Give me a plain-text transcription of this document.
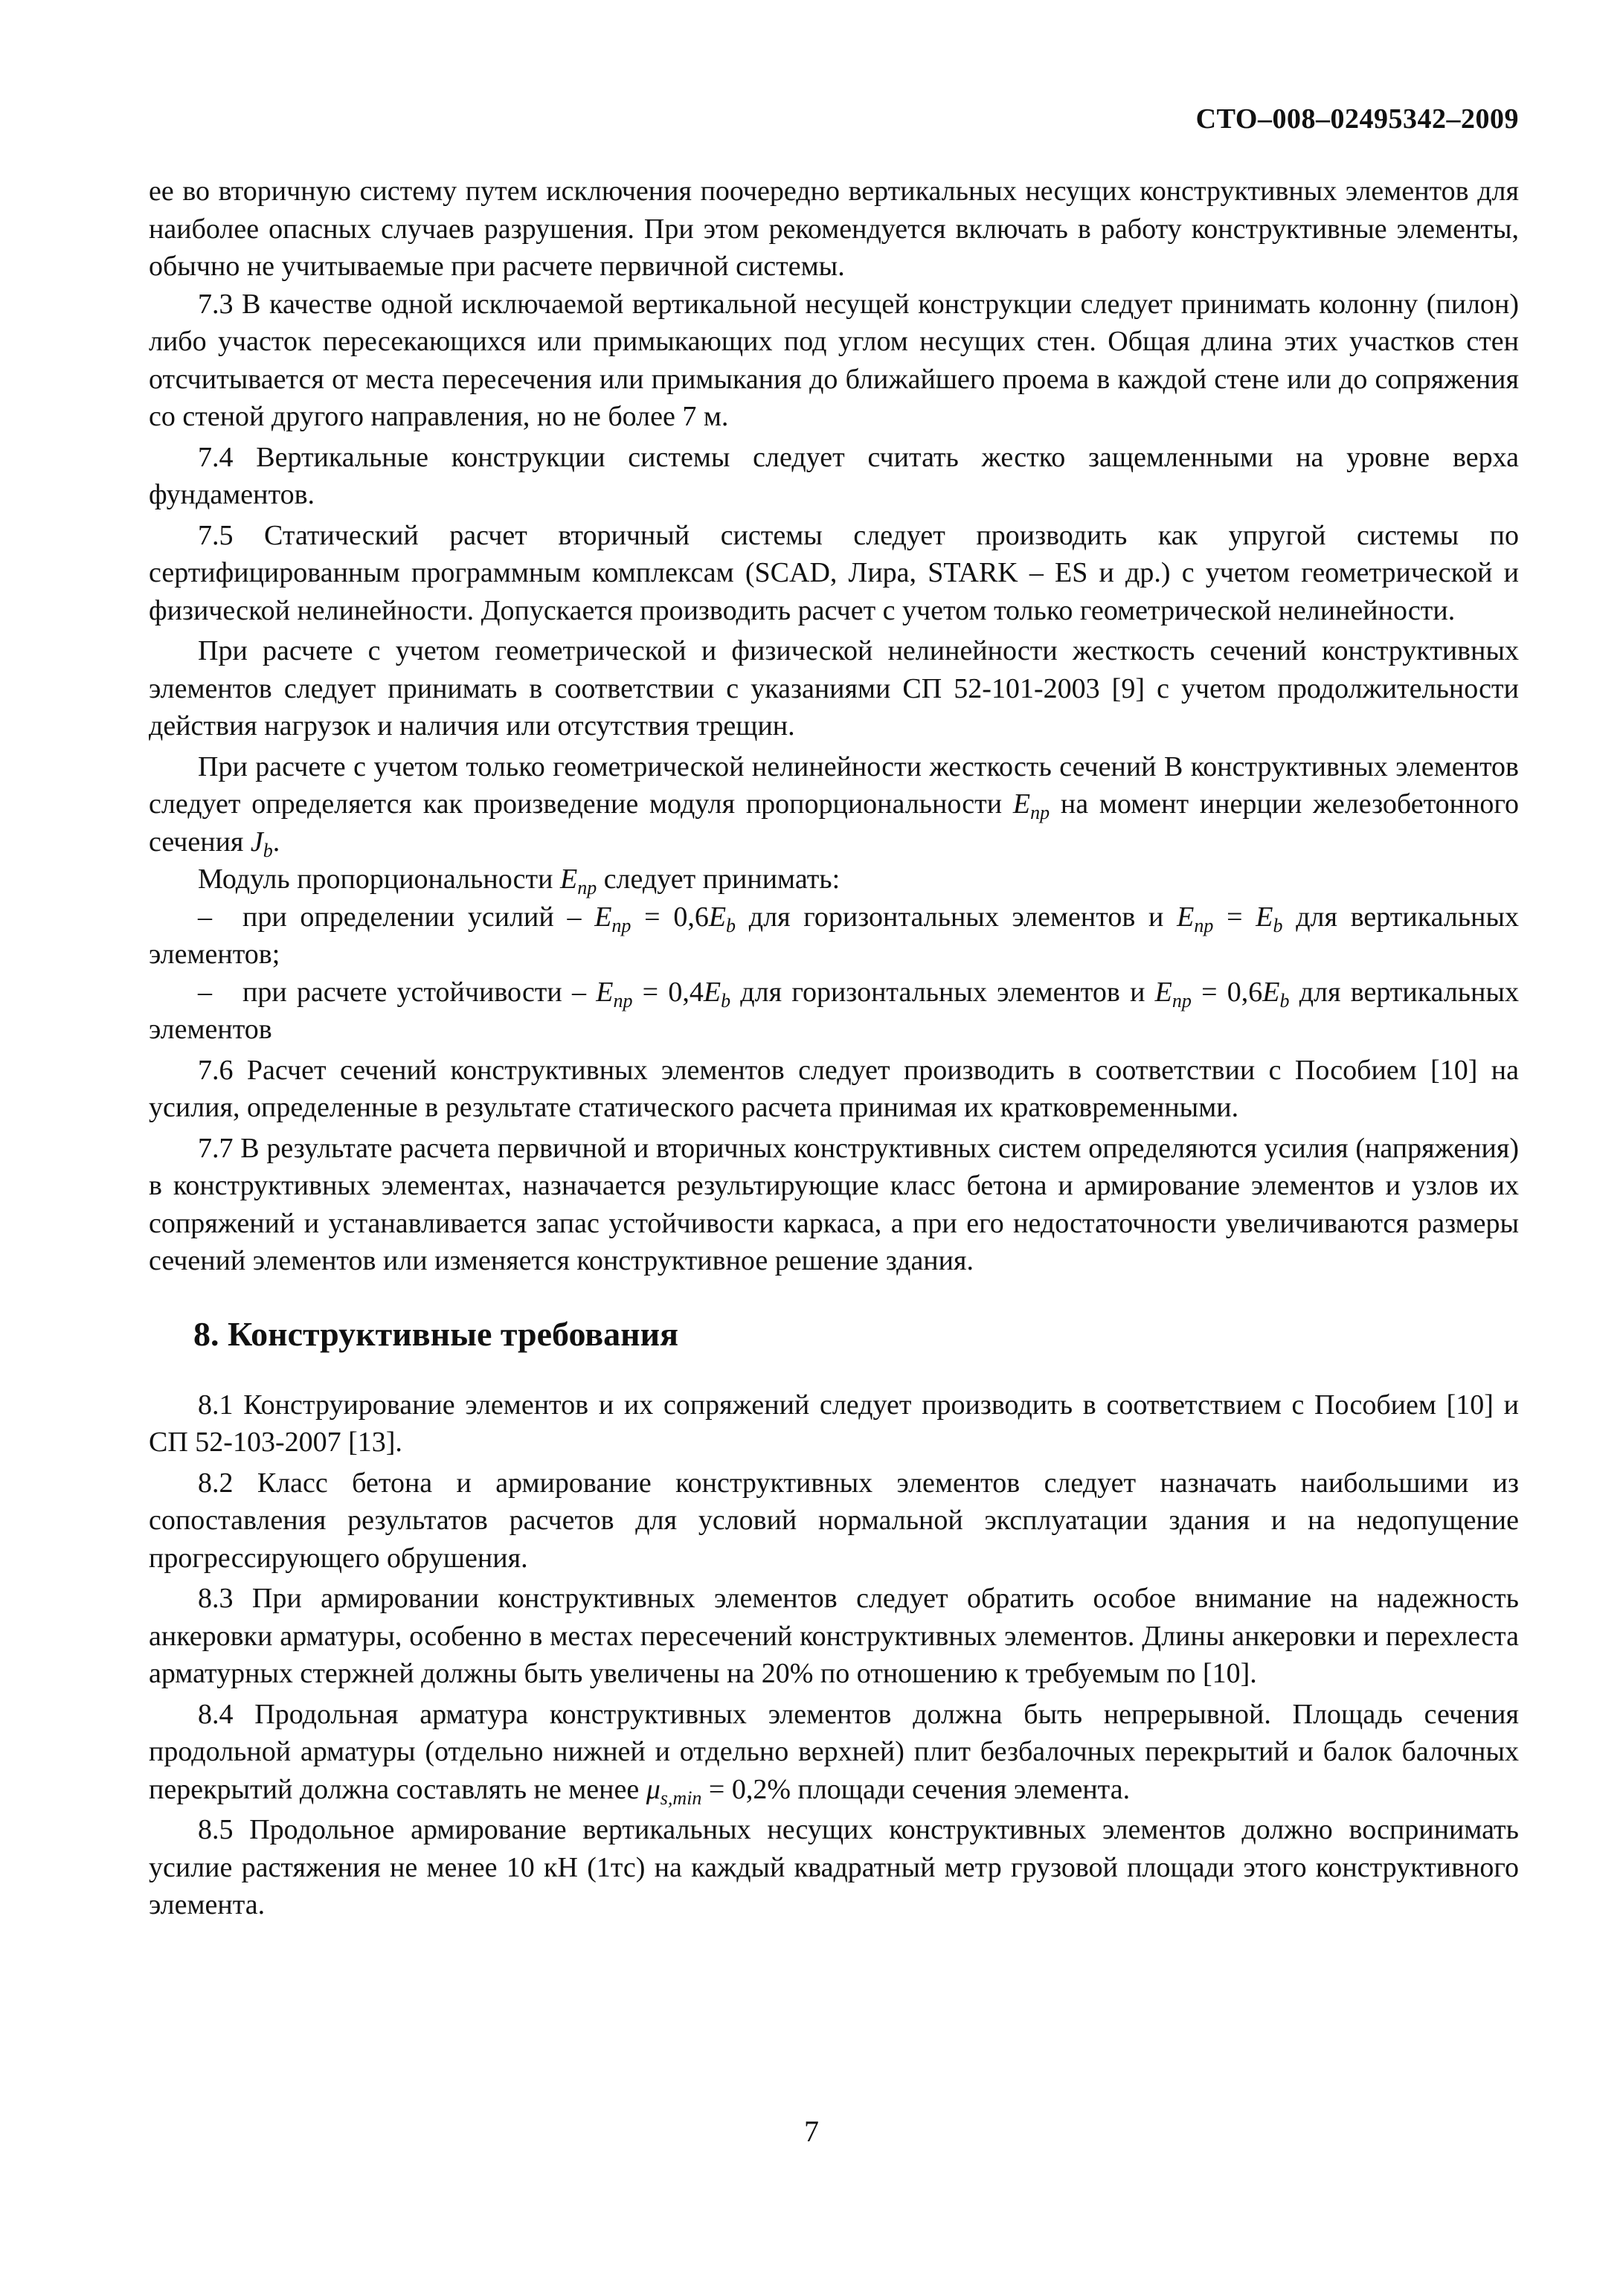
СТО–008–02495342–2009

ее во вторичную систему путем исключения поочередно вертикальных несущих конструктивных элементов для наиболее опасных случаев разрушения. При этом рекомендуется включать в работу конструктивные элементы, обычно не учитываемые при расчете первичной системы.

7.3 В качестве одной исключаемой вертикальной несущей конструкции следует принимать колонну (пилон) либо участок пересекающихся или примыкающих под углом несущих стен. Общая длина этих участков стен отсчитывается от места пересечения или примыкания до ближайшего проема в каждой стене или до сопряжения со стеной другого направления, но не более 7 м.

7.4 Вертикальные конструкции системы следует считать жестко защемленными на уровне верха фундаментов.

7.5 Статический расчет вторичный системы следует производить как упругой системы по сертифицированным программным комплексам (SCAD, Лира, STARK – ES и др.) с учетом геометрической и физической нелинейности. Допускается производить расчет с учетом только геометрической нелинейности.

При расчете с учетом геометрической и физической нелинейности жесткость сечений конструктивных элементов следует принимать в соответствии с указаниями СП 52-101-2003 [9] с учетом продолжительности действия нагрузок и наличия или отсутствия трещин.

При расчете с учетом только геометрической нелинейности жесткость сечений В конструктивных элементов следует определяется как произведение модуля пропорциональности $E_{пр}$ на момент инерции железобетонного сечения $J_b$.

Модуль пропорциональности $E_{пр}$ следует принимать:

– при определении усилий – $E_{пр} = 0,6E_b$ для горизонтальных элементов и $E_{пр} = E_b$ для вертикальных элементов;

– при расчете устойчивости – $E_{пр} = 0,4E_b$ для горизонтальных элементов и $E_{пр} = 0,6E_b$ для вертикальных элементов

7.6 Расчет сечений конструктивных элементов следует производить в соответствии с Пособием [10] на усилия, определенные в результате статического расчета принимая их кратковременными.

7.7 В результате расчета первичной и вторичных конструктивных систем определяются усилия (напряжения) в конструктивных элементах, назначается результирующие класс бетона и армирование элементов и узлов их сопряжений и устанавливается запас устойчивости каркаса, а при его недостаточности увеличиваются размеры сечений элементов или изменяется конструктивное решение здания.

8. Конструктивные требования

8.1 Конструирование элементов и их сопряжений следует производить в соответствием с Пособием [10] и СП 52-103-2007 [13].

8.2 Класс бетона и армирование конструктивных элементов следует назначать наибольшими из сопоставления результатов расчетов для условий нормальной эксплуатации здания и на недопущение прогрессирующего обрушения.

8.3 При армировании конструктивных элементов следует обратить особое внимание на надежность анкеровки арматуры, особенно в местах пересечений конструктивных элементов. Длины анкеровки и перехлеста арматурных стержней должны быть увеличены на 20% по отношению к требуемым по [10].

8.4 Продольная арматура конструктивных элементов должна быть непрерывной. Площадь сечения продольной арматуры (отдельно нижней и отдельно верхней) плит безбалочных перекрытий и балок балочных перекрытий должна составлять не менее $\mu_{s,min} = 0,2\%$ площади сечения элемента.

8.5 Продольное армирование вертикальных несущих конструктивных элементов должно воспринимать усилие растяжения не менее 10 кН (1тс) на каждый квадратный метр грузовой площади этого конструктивного элемента.

7
